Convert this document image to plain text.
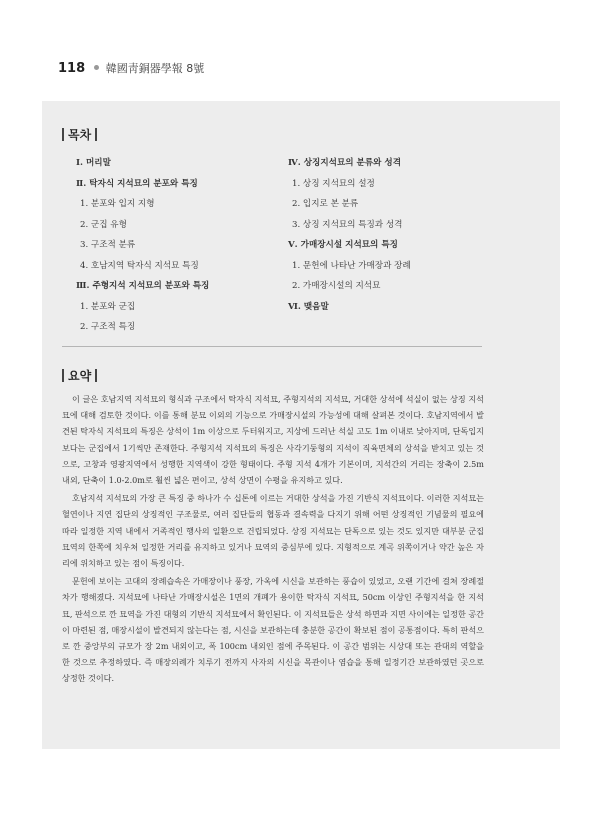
118 韓國靑銅器學報 8號
목차
Ⅰ. 머리말
Ⅱ. 탁자식 지석묘의 분포와 특징
1. 분포와 입지 지형
2. 군집 유형
3. 구조적 분류
4. 호남지역 탁자식 지석묘 특징
Ⅲ. 주형지석 지석묘의 분포와 특징
1. 분포와 군집
2. 구조적 특징
Ⅳ. 상징지석묘의 분류와 성격
1. 상징 지석묘의 설정
2. 입지로 본 분류
3. 상징 지석묘의 특징과 성격
Ⅴ. 가매장시설 지석묘의 특징
1. 문헌에 나타난 가매장과 장례
2. 가매장시설의 지석묘
Ⅵ. 맺음말
요약

이 글은 호남지역 지석묘의 형식과 구조에서 탁자식 지석묘, 주형지석의 지석묘, 거대한 상석에 석실이 없는 상징 지석묘에 대해 검토한 것이다. 이를 통해 분묘 이외의 기능으로 가매장시설의 가능성에 대해 살펴본 것이다. 호남지역에서 발견된 탁자식 지석묘의 특징은 상석이 1m 이상으로 두터워지고, 지상에 드러난 석실 고도 1m 이내로 낮아지며, 단독입지보다는 군집에서 1기씩만 존재한다. 주형지석 지석묘의 특징은 사각기둥형의 지석이 직육면체의 상석을 받치고 있는 것으로, 고창과 영광지역에서 성행한 지역색이 강한 형태이다. 주형 지석 4개가 기본이며, 지석간의 거리는 장축이 2.5m 내외, 단축이 1.0-2.0m로 훨씬 넓은 편이고, 상석 상면이 수평을 유지하고 있다.

호남지석 지석묘의 가장 큰 특징 중 하나가 수 십톤에 이르는 거대한 상석을 가진 기반식 지석묘이다. 이러한 지석묘는 혈연이나 지연 집단의 상징적인 구조물로, 여러 집단들의 협동과 결속력을 다지기 위해 어떤 상징적인 기념물의 필요에 따라 일정한 지역 내에서 거족적인 행사의 일환으로 건립되었다. 상징 지석묘는 단독으로 있는 것도 있지만 대부분 군집묘역의 한쪽에 치우쳐 일정한 거리를 유지하고 있거나 묘역의 중심부에 있다. 지형적으로 계곡 위쪽이거나 약간 높은 자리에 위치하고 있는 점이 특징이다.

문헌에 보이는 고대의 장례습속은 가매장이나 풍장, 가옥에 시신을 보관하는 풍습이 있었고, 오랜 기간에 걸쳐 장례절차가 행해졌다. 지석묘에 나타난 가매장시설은 1면의 개폐가 용이한 탁자식 지석묘, 50cm 이상인 주형지석을 한 지석묘, 판석으로 깐 묘역을 가진 대형의 기반식 지석묘에서 확인된다. 이 지석묘들은 상석 하면과 지면 사이에는 일정한 공간이 마련된 점, 매장시설이 발견되지 않는다는 점, 시신을 보관하는데 충분한 공간이 확보된 점이 공통점이다. 특히 판석으로 깐 중앙부의 규모가 장 2m 내외이고, 폭 100cm 내외인 점에 주목된다. 이 공간 범위는 시상대 또는 관대의 역할을 한 것으로 추정하였다. 즉 매장의례가 치루기 전까지 사자의 시신을 목관이나 염습을 통해 일정기간 보관하였던 곳으로 상정한 것이다.
